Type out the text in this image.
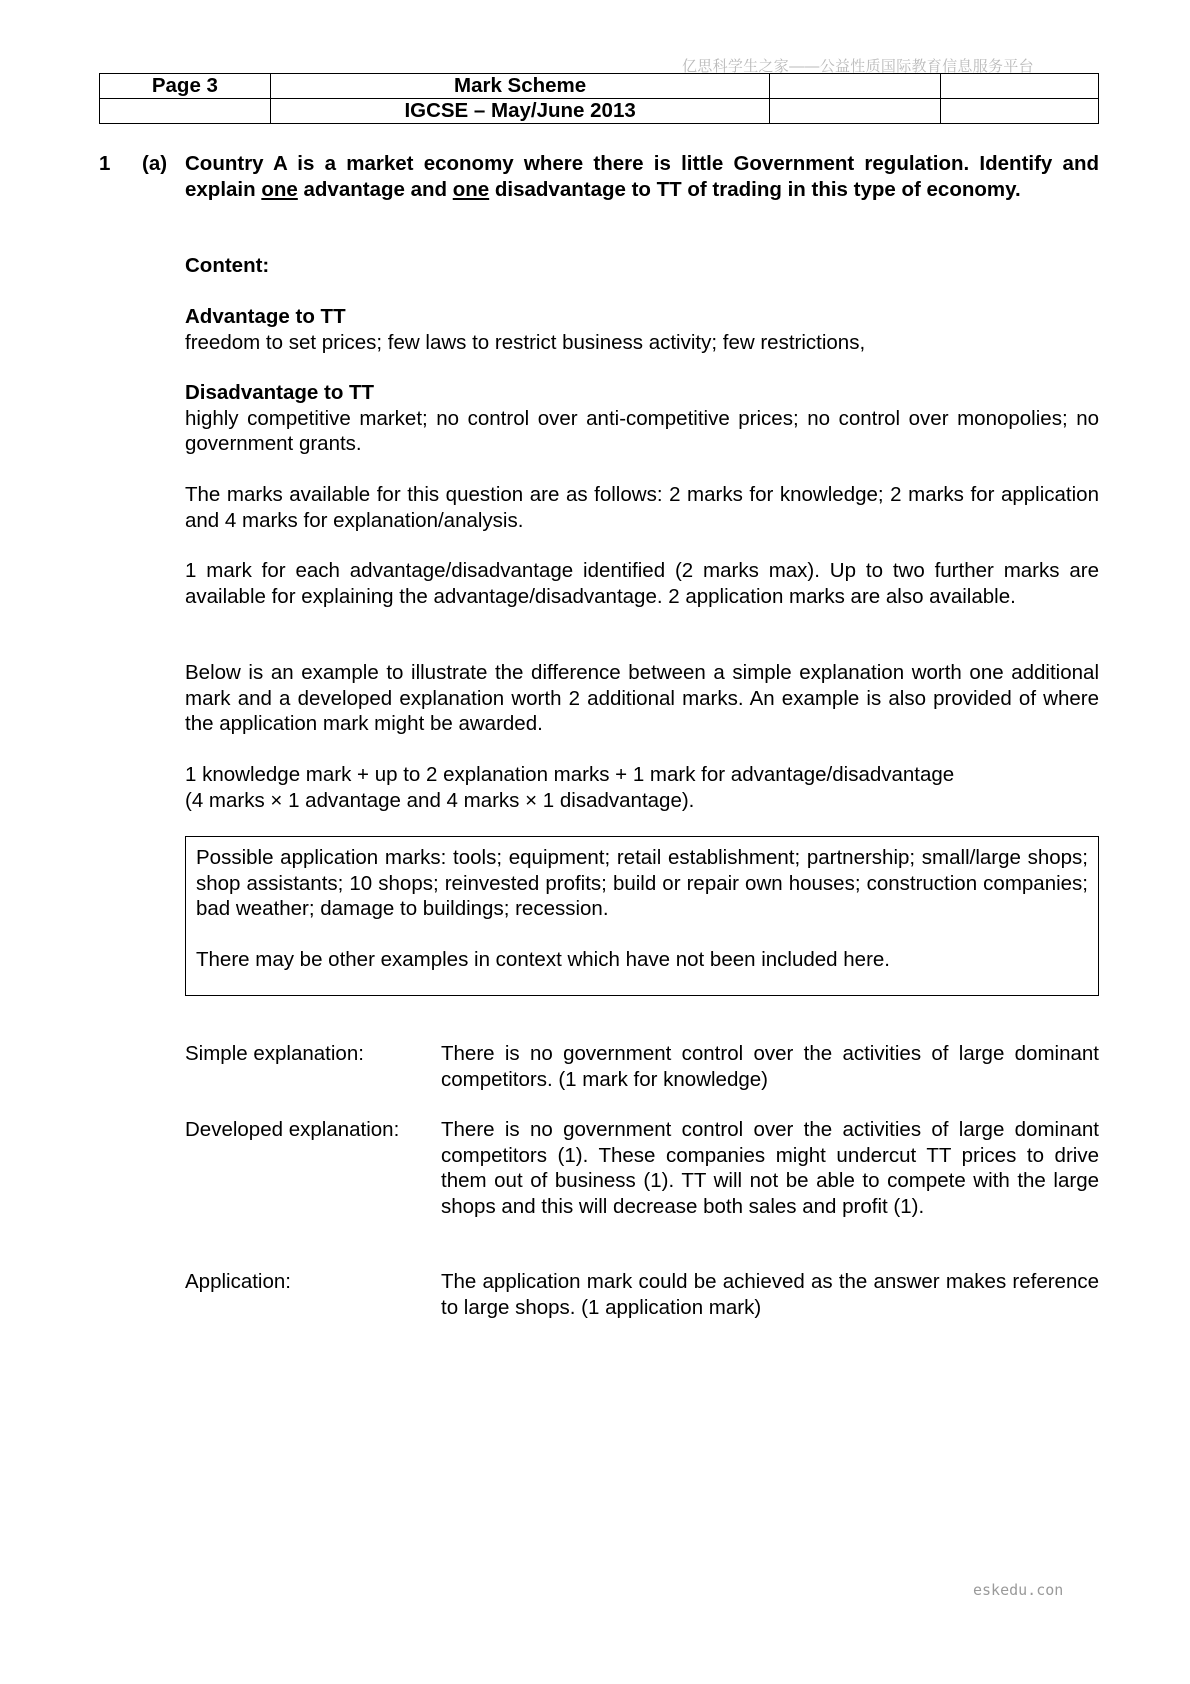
亿思科学生之家——公益性质国际教育信息服务平台
Page 3	Mark Scheme		
	IGCSE – May/June 2013		
1 (a) Country A is a market economy where there is little Government regulation. Identify and explain one advantage and one disadvantage to TT of trading in this type of economy.
Content:

Advantage to TT

freedom to set prices; few laws to restrict business activity; few restrictions,

Disadvantage to TT

highly competitive market; no control over anti-competitive prices; no control over monopolies; no government grants.

The marks available for this question are as follows: 2 marks for knowledge; 2 marks for application and 4 marks for explanation/analysis.
1 mark for each advantage/disadvantage identified (2 marks max). Up to two further marks are available for explaining the advantage/disadvantage. 2 application marks are also available.
Below is an example to illustrate the difference between a simple explanation worth one additional mark and a developed explanation worth 2 additional marks. An example is also provided of where the application mark might be awarded.

1 knowledge mark + up to 2 explanation marks + 1 mark for advantage/disadvantage

(4 marks × 1 advantage and 4 marks × 1 disadvantage).

Possible application marks: tools; equipment; retail establishment; partnership; small/large shops; shop assistants; 10 shops; reinvested profits; build or repair own houses; construction companies; bad weather; damage to buildings; recession.

There may be other examples in context which have not been included here.

Simple explanation:	There is no government control over the activities of large dominant competitors. (1 mark for knowledge)
Developed explanation: There is no government control over the activities of large dominant competitors (1). These companies might undercut TT prices to drive them out of business (1). TT will not be able to compete with the large shops and this will decrease both sales and profit (1).
Application:	The application mark could be achieved as the answer makes reference to large shops. (1 application mark)
eskedu.con
